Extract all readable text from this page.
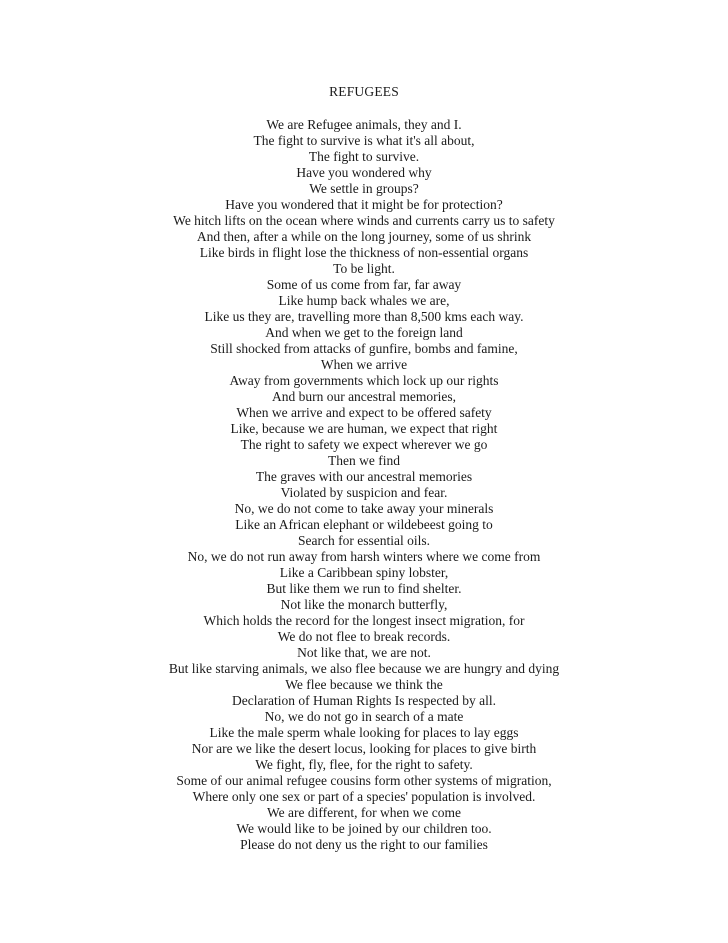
REFUGEES
We are Refugee animals, they and I.
The fight to survive is what it's all about,
The fight to survive.
Have you wondered why
We settle in groups?
Have you wondered that it might be for protection?
We hitch lifts on the ocean where winds and currents carry us to safety
And then, after a while on the long journey, some of us shrink
Like birds in flight lose the thickness of non-essential organs
To be light.
Some of us come from far, far away
Like hump back whales we are,
Like us they are, travelling more than 8,500 kms each way.
And when we get to the foreign land
Still shocked from attacks of gunfire, bombs and famine,
When we arrive
Away from governments which lock up our rights
And burn our ancestral memories,
When we arrive and expect to be offered safety
Like, because we are human, we expect that right
The right to safety we expect wherever we go
Then we find
The graves with our ancestral memories
Violated by suspicion and fear.
No, we do not come to take away your minerals
Like an African elephant or wildebeest going to
Search for essential oils.
No, we do not run away from harsh winters where we come from
Like a Caribbean spiny lobster,
But like them we run to find shelter.
Not like the monarch butterfly,
Which holds the record for the longest insect migration, for
We do not flee to break records.
Not like that, we are not.
But like starving animals, we also flee because we are hungry and dying
We flee because we think the
Declaration of Human Rights Is respected by all.
No, we do not go in search of a mate
Like the male sperm whale looking for places to lay eggs
Nor are we like the desert locus, looking for places to give birth
We fight, fly, flee, for the right to safety.
Some of our animal refugee cousins form other systems of migration,
Where only one sex or part of a species' population is involved.
We are different, for when we come
We would like to be joined by our children too.
Please do not deny us the right to our families
